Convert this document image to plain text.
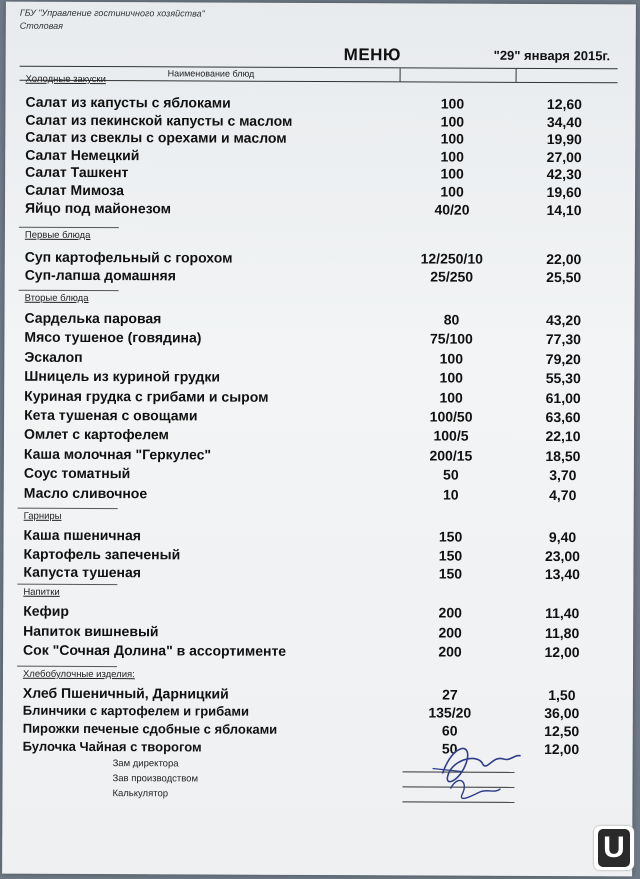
ГБУ "Управление гостиничного хозяйства"
Столовая
МЕНЮ	"29" января 2015г.
Наименование блюд
Холодные закуски
Салат из капусты с яблоками	100	12,60
Салат из пекинской капусты с маслом	100	34,40
Салат из свеклы с орехами и маслом	100	19,90
Салат Немецкий	100	27,00
Салат Ташкент	100	42,30
Салат Мимоза	100	19,60
Яйцо под майонезом	40/20	14,10
Первые блюда
Суп картофельный с горохом	12/250/10	22,00
Суп-лапша домашняя	25/250	25,50
Вторые блюда
Сарделька паровая	80	43,20
Мясо тушеное (говядина)	75/100	77,30
Эскалоп	100	79,20
Шницель из куриной грудки	100	55,30
Куриная грудка с грибами и сыром	100	61,00
Кета тушеная с овощами	100/50	63,60
Омлет с картофелем	100/5	22,10
Каша молочная "Геркулес"	200/15	18,50
Соус томатный	50	3,70
Масло сливочное	10	4,70
Гарниры
Каша пшеничная	150	9,40
Картофель запеченый	150	23,00
Капуста тушеная	150	13,40
Напитки
Кефир	200	11,40
Напиток вишневый	200	11,80
Сок "Сочная Долина" в ассортименте	200	12,00
Хлебобулочные изделия:
Хлеб Пшеничный, Дарницкий	27	1,50
Блинчики с картофелем и грибами	135/20	36,00
Пирожки печеные сдобные с яблоками	60	12,50
Булочка Чайная с творогом	50	12,00
Зам директора
Зав производством
Калькулятор
U
